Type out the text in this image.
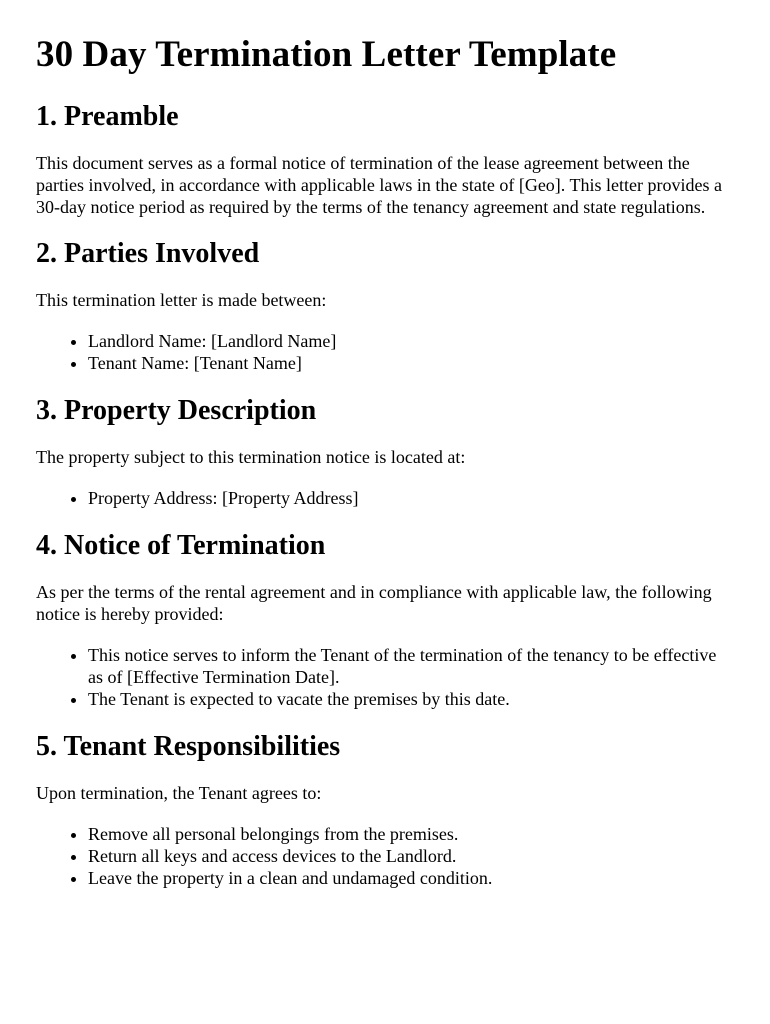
30 Day Termination Letter Template
1. Preamble

This document serves as a formal notice of termination of the lease agreement between the parties involved, in accordance with applicable laws in the state of [Geo]. This letter provides a 30-day notice period as required by the terms of the tenancy agreement and state regulations.

2. Parties Involved

This termination letter is made between:

• Landlord Name: [Landlord Name]
• Tenant Name: [Tenant Name]
3. Property Description

The property subject to this termination notice is located at:

• Property Address: [Property Address]
4. Notice of Termination

As per the terms of the rental agreement and in compliance with applicable law, the following notice is hereby provided:

• This notice serves to inform the Tenant of the termination of the tenancy to be effective as of [Effective Termination Date].
• The Tenant is expected to vacate the premises by this date.
5. Tenant Responsibilities

Upon termination, the Tenant agrees to:

• Remove all personal belongings from the premises.
• Return all keys and access devices to the Landlord.
• Leave the property in a clean and undamaged condition.
